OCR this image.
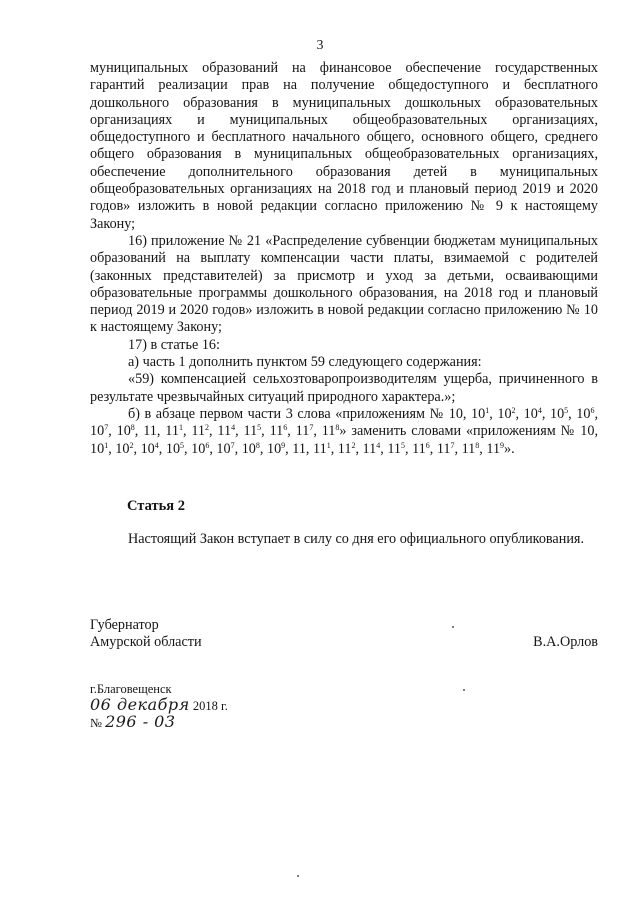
3

муниципальных образований на финансовое обеспечение государственных гарантий реализации прав на получение общедоступного и бесплатного дошкольного образования в муниципальных дошкольных образовательных организациях и муниципальных общеобразовательных организациях, общедоступного и бесплатного начального общего, основного общего, среднего общего образования в муниципальных общеобразовательных организациях, обеспечение дополнительного образования детей в муниципальных общеобразовательных организациях на 2018 год и плановый период 2019 и 2020 годов» изложить в новой редакции согласно приложению № 9 к настоящему Закону;

16) приложение № 21 «Распределение субвенции бюджетам муниципальных образований на выплату компенсации части платы, взимаемой с родителей (законных представителей) за присмотр и уход за детьми, осваивающими образовательные программы дошкольного образования, на 2018 год и плановый период 2019 и 2020 годов» изложить в новой редакции согласно приложению № 10 к настоящему Закону;

17) в статье 16:

а) часть 1 дополнить пунктом 59 следующего содержания:

«59) компенсацией сельхозтоваропроизводителям ущерба, причиненного в результате чрезвычайных ситуаций природного характера.»;

б) в абзаце первом части 3 слова «приложениям № 10, $10^1$, $10^2$, $10^4$, $10^5$, $10^6$, $10^7$, $10^8$, 11, $11^1$, $11^2$, $11^4$, $11^5$, $11^6$, $11^7$, $11^8$» заменить словами «приложениям № 10, $10^1$, $10^2$, $10^4$, $10^5$, $10^6$, $10^7$, $10^8$, $10^9$, 11, $11^1$, $11^2$, $11^4$, $11^5$, $11^6$, $11^7$, $11^8$, $11^9$».

Статья 2

Настоящий Закон вступает в силу со дня его официального опубликования.

Губернатор
Амурской области	В.А.Орлов
г.Благовещенск
06 декабря 2018 г.
№ 296 - 03
